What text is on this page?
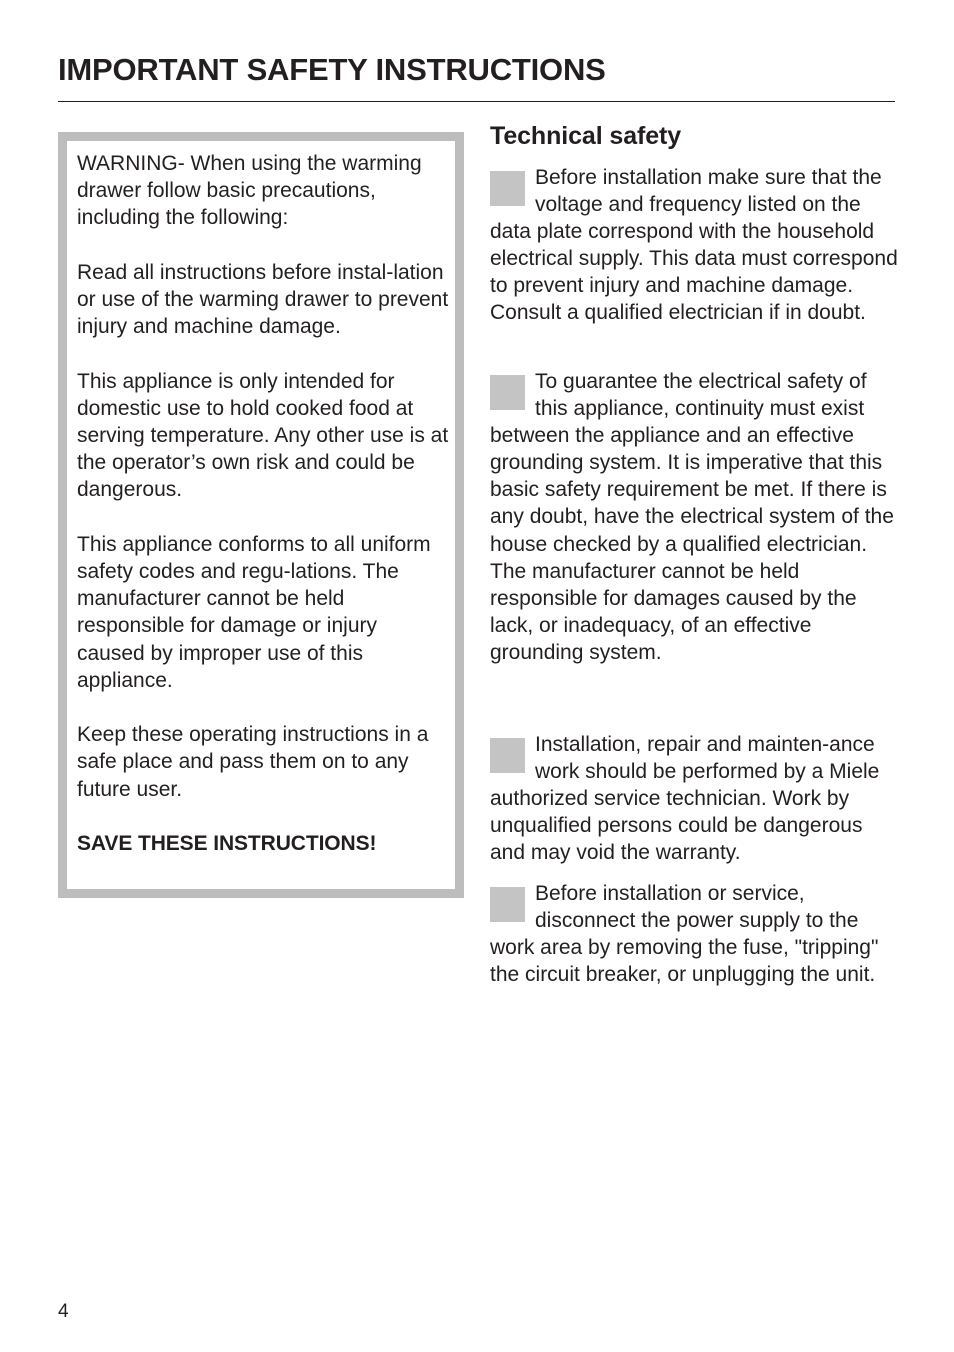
IMPORTANT SAFETY INSTRUCTIONS

WARNING- When using the warming drawer follow basic precautions, including the following:

Read all instructions before instal-lation or use of the warming drawer to prevent injury and machine damage.

This appliance is only intended for domestic use to hold cooked food at serving temperature. Any other use is at the operator’s own risk and could be dangerous.

This appliance conforms to all uniform safety codes and regu-lations. The manufacturer cannot be held responsible for damage or injury caused by improper use of this appliance.

Keep these operating instructions in a safe place and pass them on to any future user.

SAVE THESE INSTRUCTIONS!
Technical safety

Before installation make sure that the voltage and frequency listed on the data plate correspond with the household electrical supply. This data must correspond to prevent injury and machine damage. Consult a qualified electrician if in doubt.

To guarantee the electrical safety of this appliance, continuity must exist between the appliance and an effective grounding system. It is imperative that this basic safety requirement be met. If there is any doubt, have the electrical system of the house checked by a qualified electrician.

The manufacturer cannot be held responsible for damages caused by the lack, or inadequacy, of an effective grounding system.

Installation, repair and mainten-ance work should be performed by a Miele authorized service technician. Work by unqualified persons could be dangerous and may void the warranty.

Before installation or service, disconnect the power supply to the work area by removing the fuse, "tripping" the circuit breaker, or unplugging the unit.

4
